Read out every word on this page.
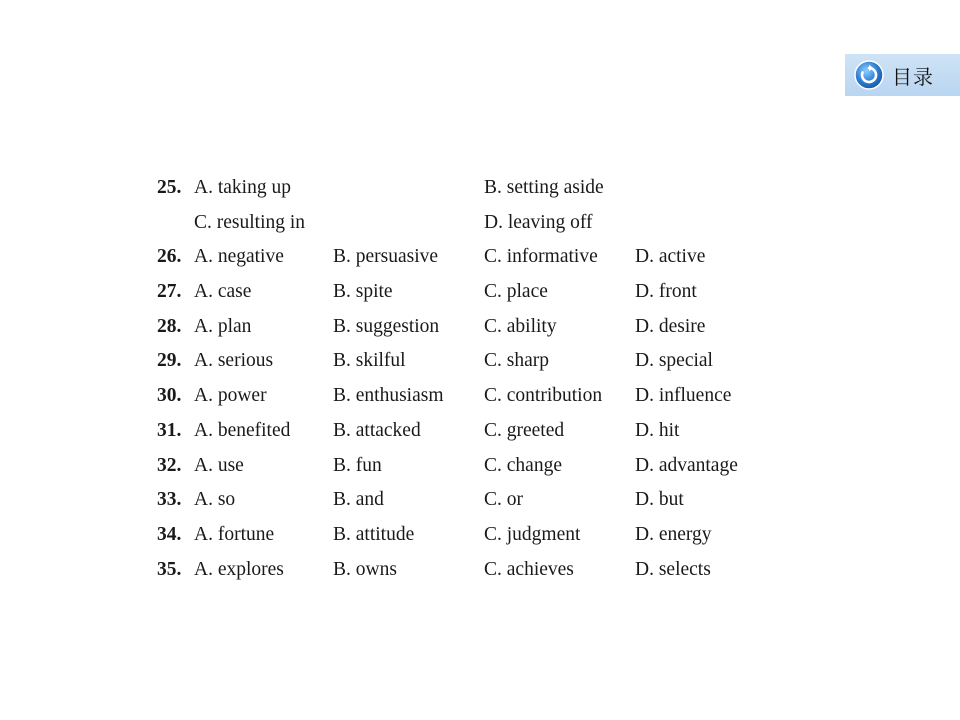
目录
25. A. taking up	B. setting aside
C. resulting in	D. leaving off
26. A. negative	B. persuasive C. informative D. active
27. A. case	B. spite	C. place	D. front
28. A. plan	B. suggestion C. ability	D. desire
29. A. serious	B. skilful	C. sharp	D. special
30. A. power	B. enthusiasm C. contribution D. influence
31. A. benefited B. attacked	C. greeted	D. hit
32. A. use	B. fun	C. change	D. advantage
33. A. so	B. and	C. or	D. but
34. A. fortune	B. attitude	C. judgment	D. energy
35. A. explores	B. owns	C. achieves	D. selects
